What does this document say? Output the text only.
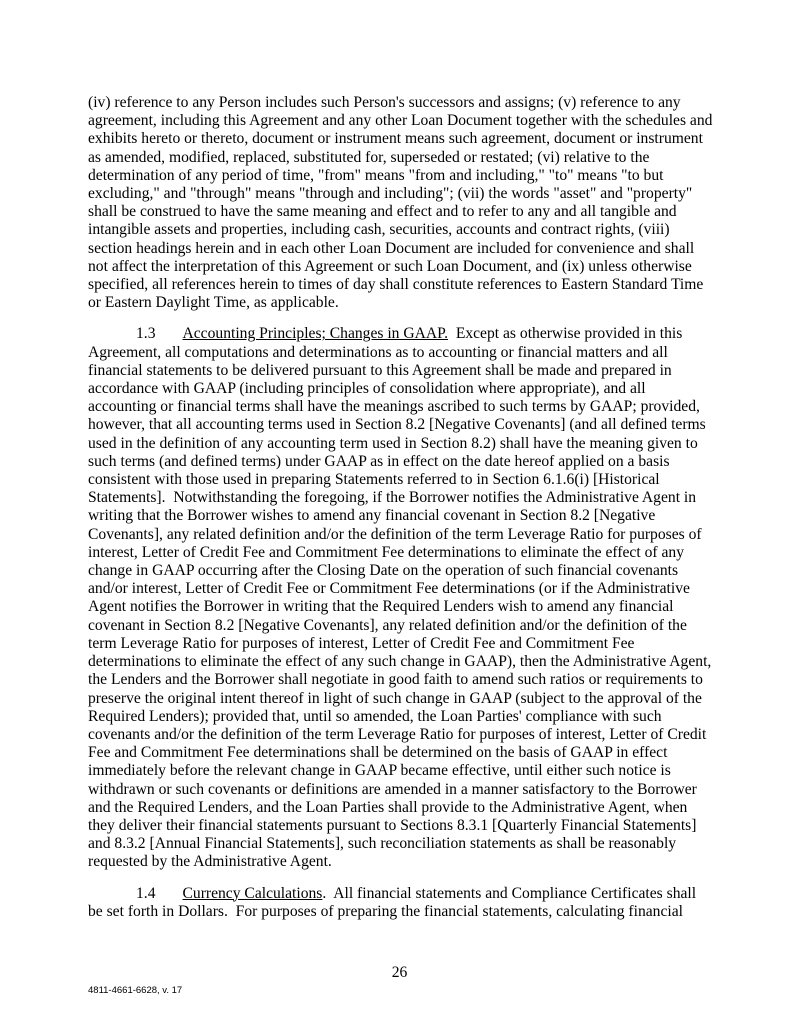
(iv) reference to any Person includes such Person's successors and assigns; (v) reference to any agreement, including this Agreement and any other Loan Document together with the schedules and exhibits hereto or thereto, document or instrument means such agreement, document or instrument as amended, modified, replaced, substituted for, superseded or restated; (vi) relative to the determination of any period of time, "from" means "from and including," "to" means "to but excluding," and "through" means "through and including"; (vii) the words "asset" and "property" shall be construed to have the same meaning and effect and to refer to any and all tangible and intangible assets and properties, including cash, securities, accounts and contract rights, (viii) section headings herein and in each other Loan Document are included for convenience and shall not affect the interpretation of this Agreement or such Loan Document, and (ix) unless otherwise specified, all references herein to times of day shall constitute references to Eastern Standard Time or Eastern Daylight Time, as applicable.

1.3 Accounting Principles; Changes in GAAP. Except as otherwise provided in this Agreement, all computations and determinations as to accounting or financial matters and all financial statements to be delivered pursuant to this Agreement shall be made and prepared in accordance with GAAP (including principles of consolidation where appropriate), and all accounting or financial terms shall have the meanings ascribed to such terms by GAAP; provided, however, that all accounting terms used in Section 8.2 [Negative Covenants] (and all defined terms used in the definition of any accounting term used in Section 8.2) shall have the meaning given to such terms (and defined terms) under GAAP as in effect on the date hereof applied on a basis consistent with those used in preparing Statements referred to in Section 6.1.6(i) [Historical Statements].  Notwithstanding the foregoing, if the Borrower notifies the Administrative Agent in writing that the Borrower wishes to amend any financial covenant in Section 8.2 [Negative Covenants], any related definition and/or the definition of the term Leverage Ratio for purposes of interest, Letter of Credit Fee and Commitment Fee determinations to eliminate the effect of any change in GAAP occurring after the Closing Date on the operation of such financial covenants and/or interest, Letter of Credit Fee or Commitment Fee determinations (or if the Administrative Agent notifies the Borrower in writing that the Required Lenders wish to amend any financial covenant in Section 8.2 [Negative Covenants], any related definition and/or the definition of the term Leverage Ratio for purposes of interest, Letter of Credit Fee and Commitment Fee determinations to eliminate the effect of any such change in GAAP), then the Administrative Agent, the Lenders and the Borrower shall negotiate in good faith to amend such ratios or requirements to preserve the original intent thereof in light of such change in GAAP (subject to the approval of the Required Lenders); provided that, until so amended, the Loan Parties' compliance with such covenants and/or the definition of the term Leverage Ratio for purposes of interest, Letter of Credit Fee and Commitment Fee determinations shall be determined on the basis of GAAP in effect immediately before the relevant change in GAAP became effective, until either such notice is withdrawn or such covenants or definitions are amended in a manner satisfactory to the Borrower and the Required Lenders, and the Loan Parties shall provide to the Administrative Agent, when they deliver their financial statements pursuant to Sections 8.3.1 [Quarterly Financial Statements] and 8.3.2 [Annual Financial Statements], such reconciliation statements as shall be reasonably requested by the Administrative Agent.

1.4 Currency Calculations.  All financial statements and Compliance Certificates shall be set forth in Dollars.  For purposes of preparing the financial statements, calculating financial

26
4811-4661-6628, v. 17
